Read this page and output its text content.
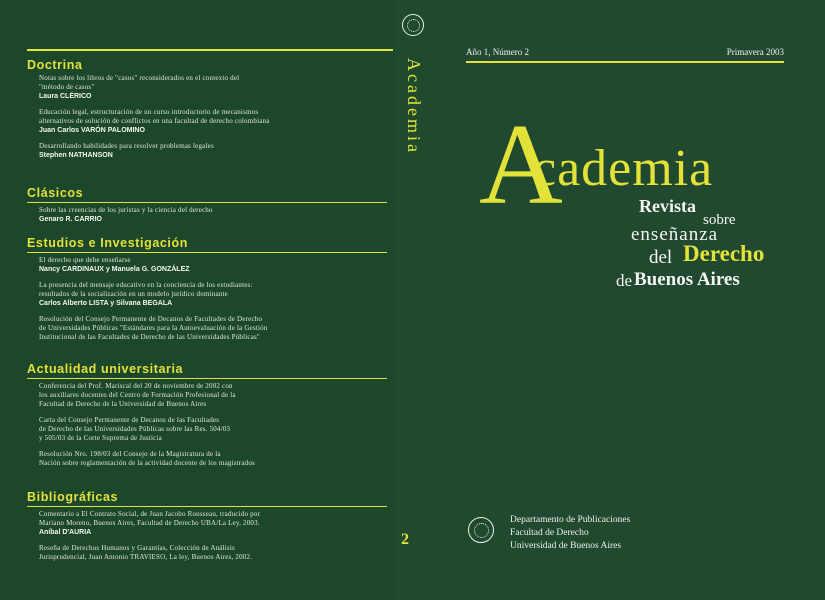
Doctrina
Notas sobre los libros de "casos" reconsiderados en el contexto del
"método de casos"
Laura CLÉRICO
Educación legal, estructuración de un curso introductorio de mecanismos
alternativos de solución de conflictos en una facultad de derecho colombiana
Juan Carlos VARÓN PALOMINO
Desarrollando habilidades para resolver problemas legales
Stephen NATHANSON
Clásicos
Sobre las creencias de los juristas y la ciencia del derecho
Genaro R. CARRIO
Estudios e Investigación
El derecho que debe enseñarse
Nancy CARDINAUX y Manuela G. GONZÁLEZ
La presencia del mensaje educativo en la conciencia de los estudiantes:
resultados de la socialización en un modelo jurídico dominante
Carlos Alberto LISTA y Silvana BEGALA
Resolución del Consejo Permanente de Decanos de Facultades de Derecho
de Universidades Públicas "Estándares para la Autoevaluación de la Gestión
Institucional de las Facultades de Derecho de las Universidades Públicas"
Actualidad universitaria
Conferencia del Prof. Mariscal del 20 de noviembre de 2002 con
los auxiliares docentes del Centro de Formación Profesional de la
Facultad de Derecho de la Universidad de Buenos Aires
Carta del Consejo Permanente de Decanos de las Facultades
de Derecho de las Universidades Públicas sobre las Res. 504/03
y 505/03 de la Corte Suprema de Justicia
Resolución Nro. 198/03 del Consejo de la Magistratura de la
Nación sobre reglamentación de la actividad docente de los magistrados
Bibliográficas
Comentario a El Contrato Social, de Juan Jacobo Rousseau, traducido por
Mariano Moreno, Buenos Aires, Facultad de Derecho UBA/La Ley, 2003.
Aníbal D'AURIA
Reseña de Derechos Humanos y Garantías, Colección de Análisis
Jurisprudencial, Juan Antonio TRAVIESO, La ley, Buenos Aires, 2002.
Academia
2
Año 1, Número 2	Primavera 2003
A
cademia
Revista
sobre
enseñanza
del Derecho
de Buenos Aires
Departamento de Publicaciones
Facultad de Derecho
Universidad de Buenos Aires
